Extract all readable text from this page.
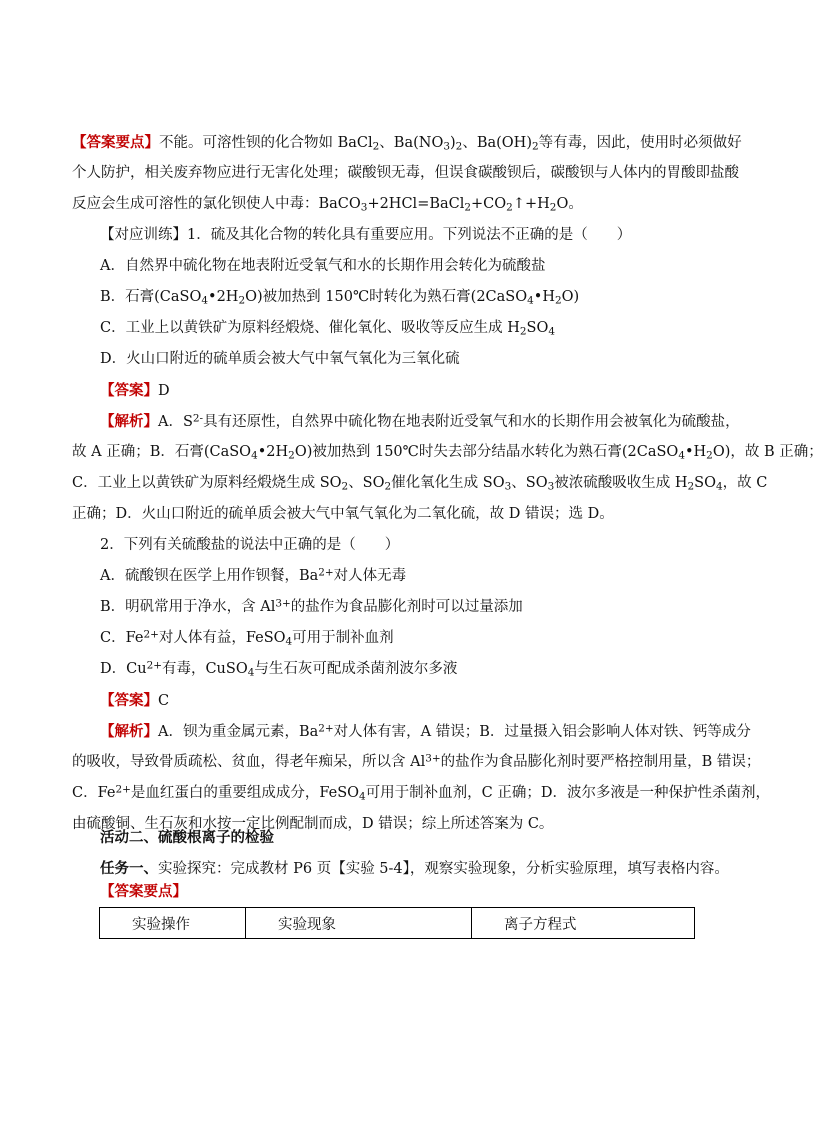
【答案要点】不能。可溶性钡的化合物如 BaCl$_2$、$Ba(NO_3)_2$、$Ba(OH)_2$等有毒，因此，使用时必须做好
个人防护，相关废弃物应进行无害化处理；碳酸钡无毒，但误食碳酸钡后，碳酸钡与人体内的胃酸即盐酸
反应会生成可溶性的氯化钡使人中毒：$BaCO_3+2HCl=BaCl_2+CO_2↑+H_2O$。
【对应训练】1．硫及其化合物的转化具有重要应用。下列说法不正确的是（　　）
A．自然界中硫化物在地表附近受氧气和水的长期作用会转化为硫酸盐
B．石膏$(CaSO_4•2H_2O)$被加热到 150℃时转化为熟石膏$(2CaSO_4•H_2O)$
C．工业上以黄铁矿为原料经煅烧、催化氧化、吸收等反应生成 $H_2SO_4$
D．火山口附近的硫单质会被大气中氧气氧化为三氧化硫
【答案】D
【解析】A．$S^{2-}$具有还原性，自然界中硫化物在地表附近受氧气和水的长期作用会被氧化为硫酸盐，
故 A 正确；B．石膏$(CaSO_4•2H_2O)$被加热到 150℃时失去部分结晶水转化为熟石膏$(2CaSO_4•H_2O)$，故 B 正确；
C．工业上以黄铁矿为原料经煅烧生成 $SO_2$、$SO_2$催化氧化生成 $SO_3$、$SO_3$被浓硫酸吸收生成 $H_2SO_4$，故 C
正确；D．火山口附近的硫单质会被大气中氧气氧化为二氧化硫，故 D 错误；选 D。
2．下列有关硫酸盐的说法中正确的是（　　）
A．硫酸钡在医学上用作钡餐，$Ba^{2+}$对人体无毒
B．明矾常用于净水，含 $Al^{3+}$的盐作为食品膨化剂时可以过量添加
C．$Fe^{2+}$对人体有益，FeSO$_4$可用于制补血剂
D．$Cu^{2+}$有毒，CuSO$_4$与生石灰可配成杀菌剂波尔多液
【答案】C
【解析】A．钡为重金属元素，$Ba^{2+}$对人体有害，A 错误；B．过量摄入铝会影响人体对铁、钙等成分
的吸收，导致骨质疏松、贫血，得老年痴呆，所以含 $Al^{3+}$的盐作为食品膨化剂时要严格控制用量，B 错误；
C．$Fe^{2+}$是血红蛋白的重要组成成分，FeSO$_4$可用于制补血剂，C 正确；D．波尔多液是一种保护性杀菌剂，
由硫酸铜、生石灰和水按一定比例配制而成，D 错误；综上所述答案为 C。
活动二、硫酸根离子的检验
任务一、实验探究：完成教材 P6 页【实验 5-4】，观察实验现象，分析实验原理，填写表格内容。
【答案要点】
实验操作	实验现象	离子方程式
